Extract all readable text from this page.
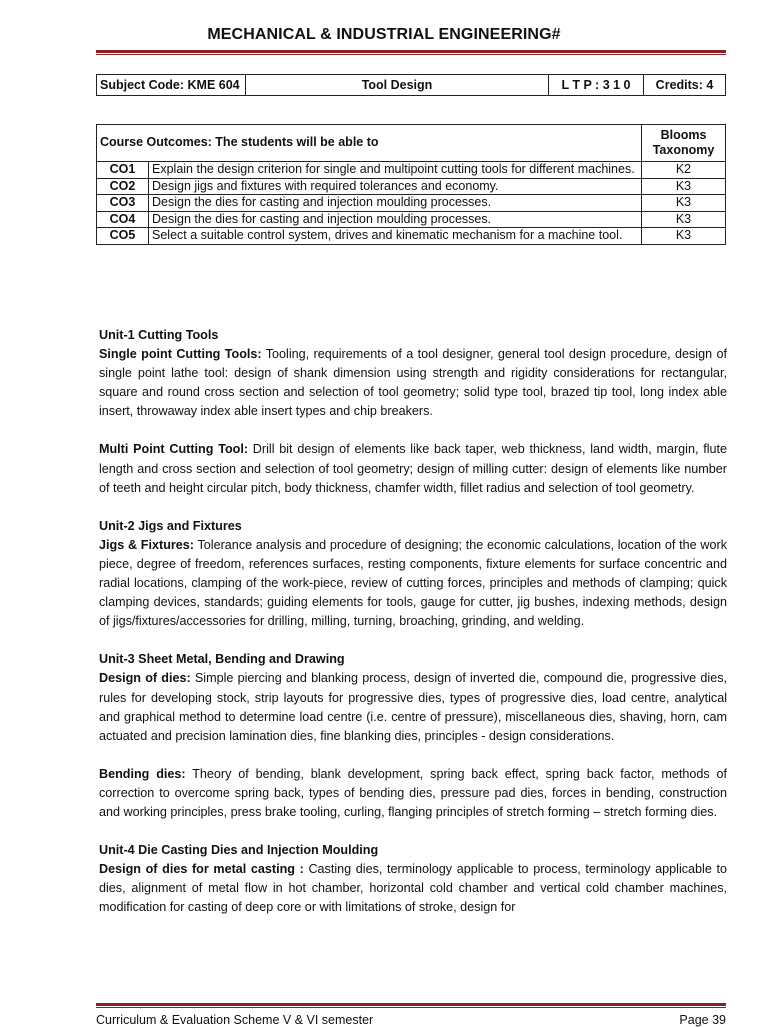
MECHANICAL & INDUSTRIAL ENGINEERING#
Subject Code: KME 604	Tool Design	L T P : 3 1 0	Credits: 4
Course Outcomes: The students will be able to		Blooms Taxonomy
CO1	Explain the design criterion for single and multipoint cutting tools for different machines.	K2
CO2	Design jigs and fixtures with required tolerances and economy.	K3
CO3	Design the dies for casting and injection moulding processes.	K3
CO4	Design the dies for casting and injection moulding processes.	K3
CO5	Select a suitable control system, drives and kinematic mechanism for a machine tool.	K3

Unit-1 Cutting Tools

Single point Cutting Tools: Tooling, requirements of a tool designer, general tool design procedure, design of single point lathe tool: design of shank dimension using strength and rigidity considerations for rectangular, square and round cross section and selection of tool geometry; solid type tool, brazed tip tool, long index able insert, throwaway index able insert types and chip breakers.

Multi Point Cutting Tool: Drill bit design of elements like back taper, web thickness, land width, margin, flute length and cross section and selection of tool geometry; design of milling cutter: design of elements like number of teeth and height circular pitch, body thickness, chamfer width, fillet radius and selection of tool geometry.

Unit-2 Jigs and Fixtures

Jigs & Fixtures: Tolerance analysis and procedure of designing; the economic calculations, location of the work piece, degree of freedom, references surfaces, resting components, fixture elements for surface concentric and radial locations, clamping of the work-piece, review of cutting forces, principles and methods of clamping; quick clamping devices, standards; guiding elements for tools, gauge for cutter, jig bushes, indexing methods, design of jigs/fixtures/accessories for drilling, milling, turning, broaching, grinding, and welding.

Unit-3 Sheet Metal, Bending and Drawing

Design of dies: Simple piercing and blanking process, design of inverted die, compound die, progressive dies, rules for developing stock, strip layouts for progressive dies, types of progressive dies, load centre, analytical and graphical method to determine load centre (i.e. centre of pressure), miscellaneous dies, shaving, horn, cam actuated and precision lamination dies, fine blanking dies, principles - design considerations.

Bending dies: Theory of bending, blank development, spring back effect, spring back factor, methods of correction to overcome spring back, types of bending dies, pressure pad dies, forces in bending, construction and working principles, press brake tooling, curling, flanging principles of stretch forming – stretch forming dies.

Unit-4 Die Casting Dies and Injection Moulding

Design of dies for metal casting : Casting dies, terminology applicable to process, terminology applicable to dies, alignment of metal flow in hot chamber, horizontal cold chamber and vertical cold chamber machines, modification for casting of deep core or with limitations of stroke, design for

Curriculum & Evaluation Scheme V & VI semester	Page 39
